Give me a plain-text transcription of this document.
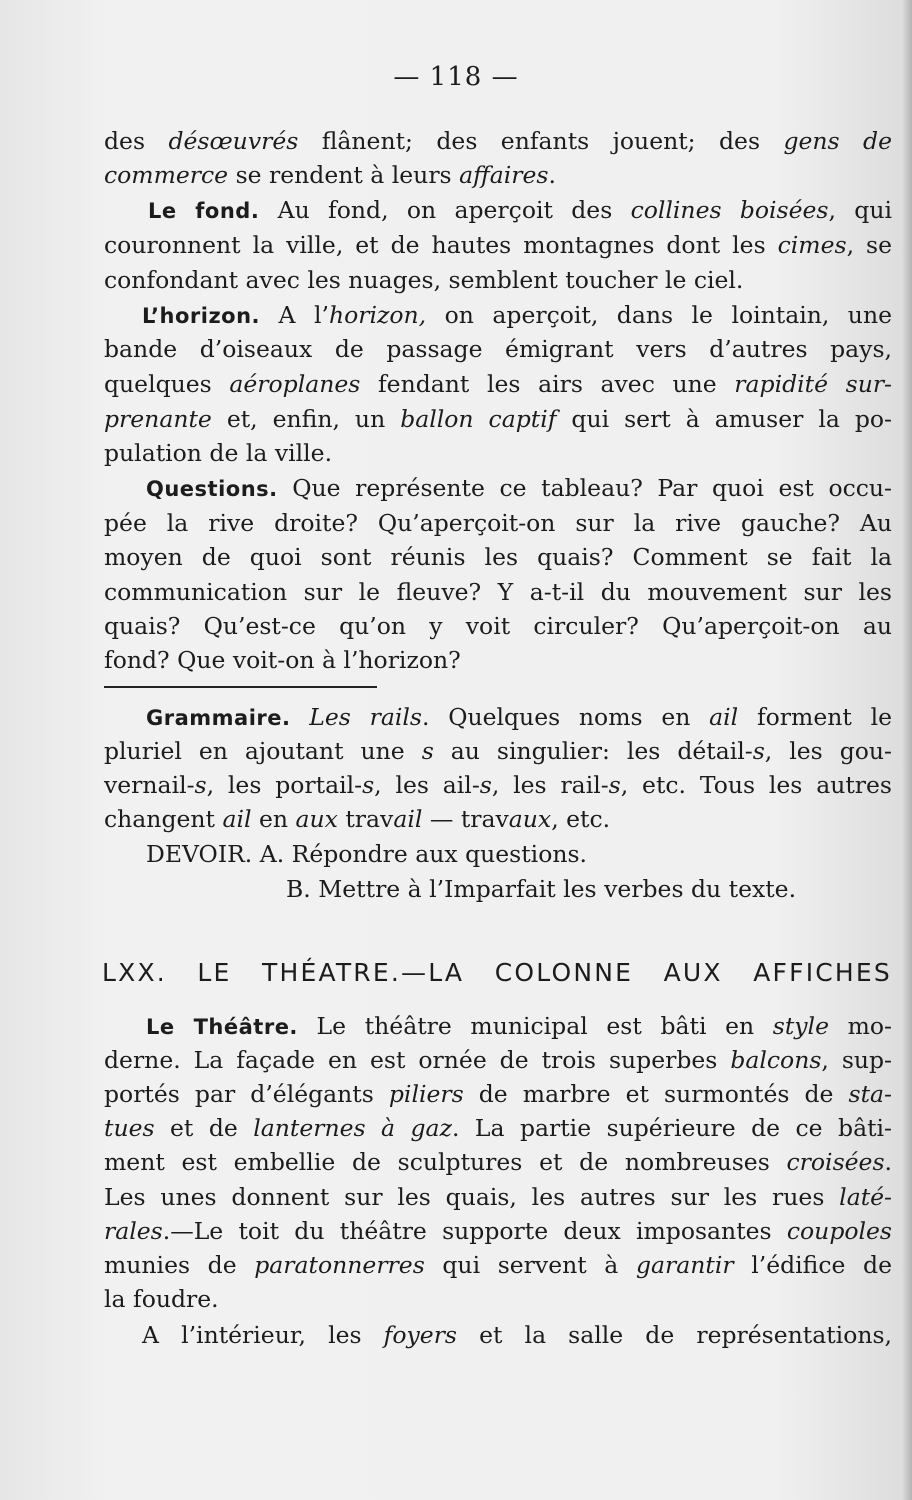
— 118 —
des désœuvrés flânent; des enfants jouent; des gens de
commerce se rendent à leurs affaires.
Le fond. Au fond, on aperçoit des collines boisées, qui
couronnent la ville, et de hautes montagnes dont les cimes, se
confondant avec les nuages, semblent toucher le ciel.
L’horizon. A l’horizon, on aperçoit, dans le lointain, une
bande d’oiseaux de passage émigrant vers d’autres pays,
quelques aéroplanes fendant les airs avec une rapidité sur-
prenante et, enfin, un ballon captif qui sert à amuser la po-
pulation de la ville.
Questions. Que représente ce tableau? Par quoi est occu-
pée la rive droite? Qu’aperçoit-on sur la rive gauche? Au
moyen de quoi sont réunis les quais? Comment se fait la
communication sur le fleuve? Y a-t-il du mouvement sur les
quais? Qu’est-ce qu’on y voit circuler? Qu’aperçoit-on au
fond? Que voit-on à l’horizon?
Grammaire. Les rails. Quelques noms en ail forment le
pluriel en ajoutant une s au singulier: les détail-s, les gou-
vernail-s, les portail-s, les ail-s, les rail-s, etc. Tous les autres
changent ail en aux travail — travaux, etc.
DEVOIR. A. Répondre aux questions.
B. Mettre à l’Imparfait les verbes du texte.
LXX. LE THÉATRE.—LA COLONNE AUX AFFICHES
Le Théâtre. Le théâtre municipal est bâti en style mo-
derne. La façade en est ornée de trois superbes balcons, sup-
portés par d’élégants piliers de marbre et surmontés de sta-
tues et de lanternes à gaz. La partie supérieure de ce bâti-
ment est embellie de sculptures et de nombreuses croisées.
Les unes donnent sur les quais, les autres sur les rues laté-
rales.—Le toit du théâtre supporte deux imposantes coupoles
munies de paratonnerres qui servent à garantir l’édifice de
la foudre.
A l’intérieur, les foyers et la salle de représentations,
